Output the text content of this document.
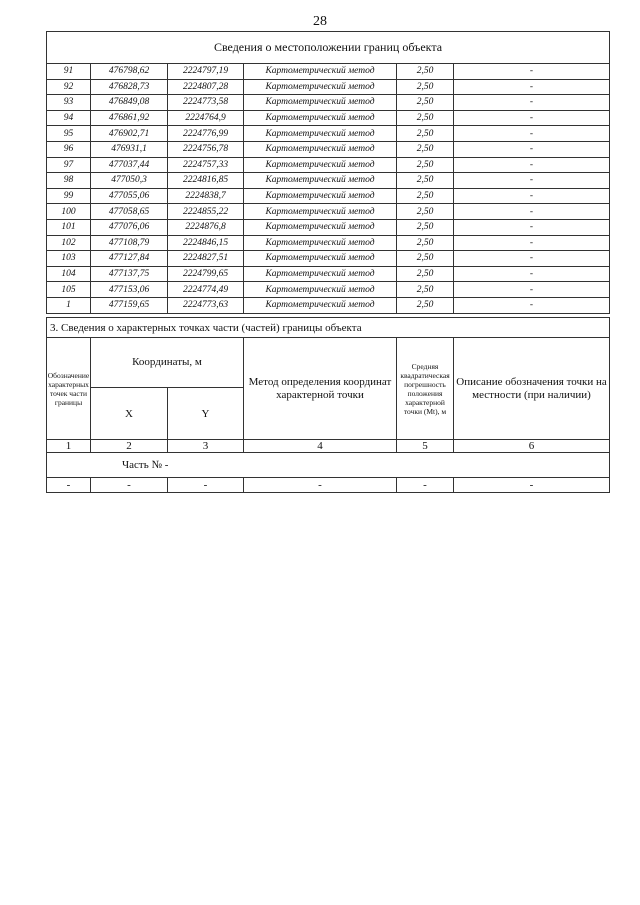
28
Сведения о местоположении границ объекта					
91	476798,62	2224797,19	Картометрический метод	2,50	-
92	476828,73	2224807,28	Картометрический метод	2,50	-
93	476849,08	2224773,58	Картометрический метод	2,50	-
94	476861,92	2224764,9	Картометрический метод	2,50	-
95	476902,71	2224776,99	Картометрический метод	2,50	-
96	476931,1	2224756,78	Картометрический метод	2,50	-
97	477037,44	2224757,33	Картометрический метод	2,50	-
98	477050,3	2224816,85	Картометрический метод	2,50	-
99	477055,06	2224838,7	Картометрический метод	2,50	-
100	477058,65	2224855,22	Картометрический метод	2,50	-
101	477076,06	2224876,8	Картометрический метод	2,50	-
102	477108,79	2224846,15	Картометрический метод	2,50	-
103	477127,84	2224827,51	Картометрический метод	2,50	-
104	477137,75	2224799,65	Картометрический метод	2,50	-
105	477153,06	2224774,49	Картометрический метод	2,50	-
1	477159,65	2224773,63	Картометрический метод	2,50	-
3. Сведения о характерных точках части (частей) границы объекта					
Обозначение характерных точек части границы	Координаты, м		Метод определения координат характерной точки	Средняя квадратическая погрешность положения характерной точки (Мt), м	Описание обозначения точки на местности (при наличии)
	X	Y			
1	2	3	4	5	6
Часть № -					
-	-	-	-	-	-
